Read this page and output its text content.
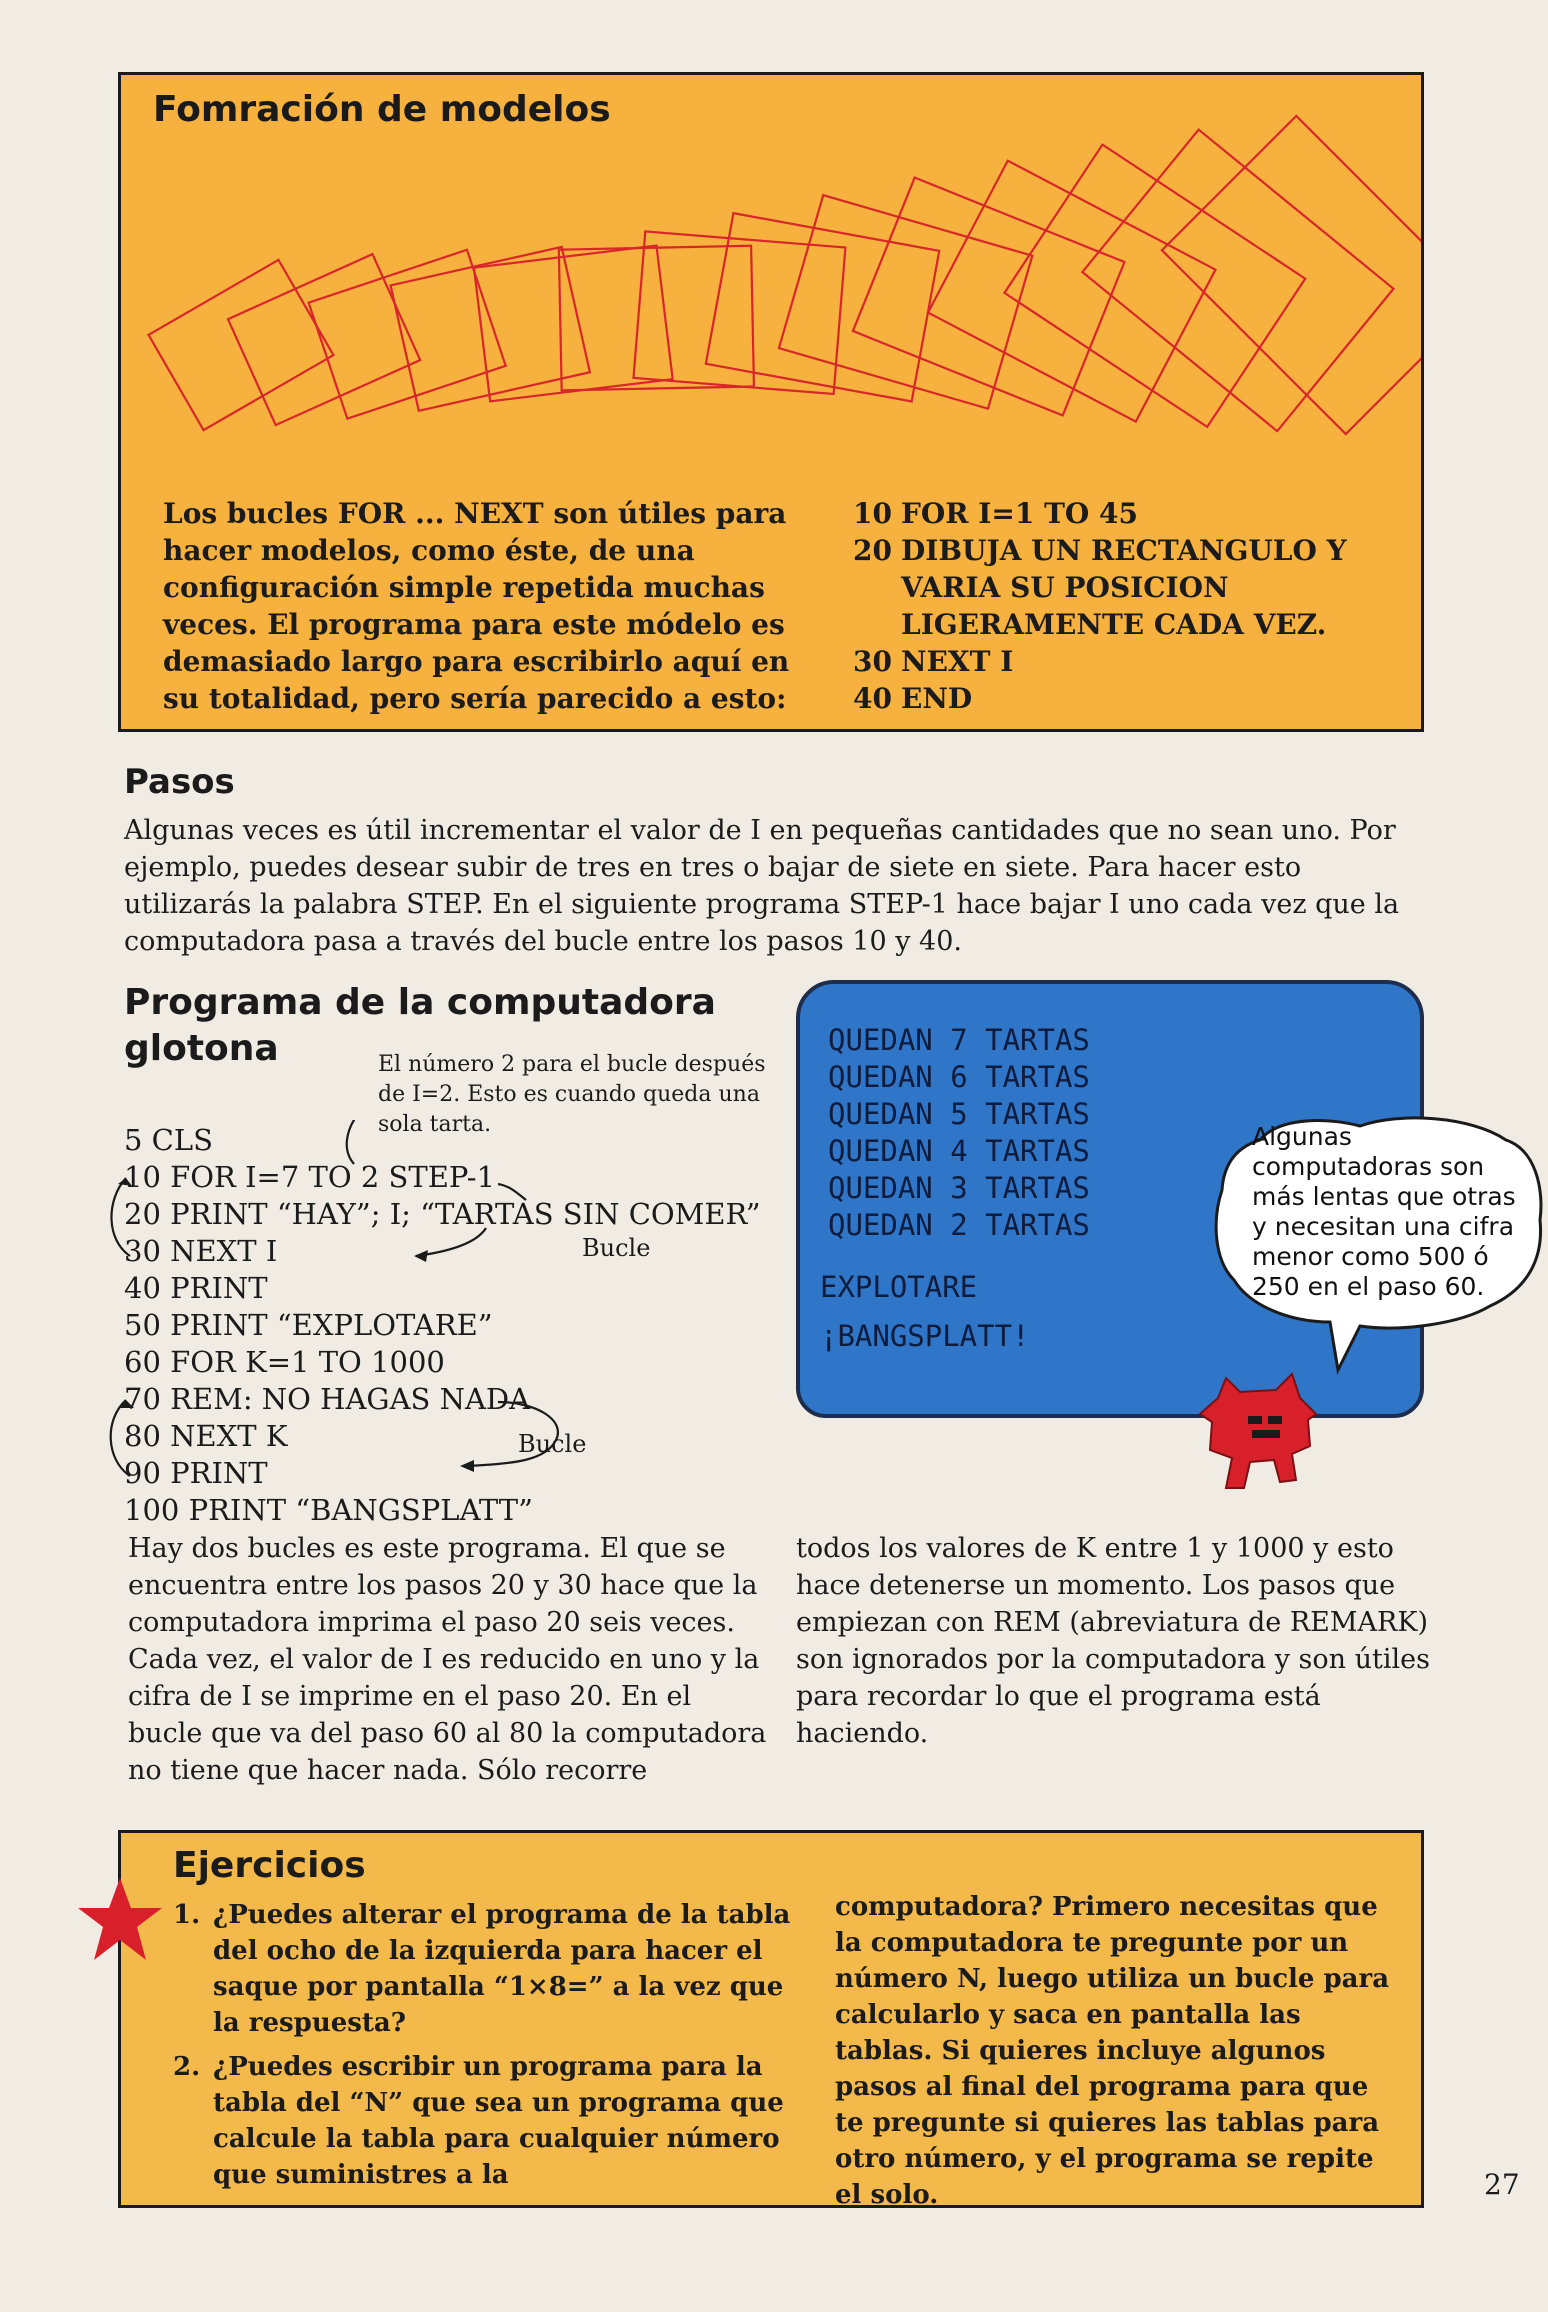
Fomración de modelos
Los bucles FOR ... NEXT son útiles para hacer modelos, como éste, de una configuración simple repetida muchas veces. El programa para este módelo es demasiado largo para escribirlo aquí en su totalidad, pero sería parecido a esto:
10 FOR I=1 TO 45
20 DIBUJA UN RECTANGULO Y VARIA SU POSICION LIGERAMENTE CADA VEZ.
30 NEXT I
40 END
Pasos
Algunas veces es útil incrementar el valor de I en pequeñas cantidades que no sean uno. Por ejemplo, puedes desear subir de tres en tres o bajar de siete en siete. Para hacer esto utilizarás la palabra STEP. En el siguiente programa STEP-1 hace bajar I uno cada vez que la computadora pasa a través del bucle entre los pasos 10 y 40.
Programa de la computadora glotona	El número 2 para el bucle después de I=2. Esto es cuando queda una sola tarta.
5 CLS
10 FOR I=7 TO 2 STEP-1
20 PRINT “HAY”; I; “TARTAS SIN COMER”
30 NEXT I
40 PRINT
50 PRINT “EXPLOTARE”
60 FOR K=1 TO 1000
70 REM: NO HAGAS NADA
80 NEXT K
90 PRINT
100 PRINT “BANGSPLATT”
Bucle
Bucle
QUEDAN 7 TARTAS
QUEDAN 6 TARTAS
QUEDAN 5 TARTAS
QUEDAN 4 TARTAS
QUEDAN 3 TARTAS
QUEDAN 2 TARTAS
EXPLOTARE
¡BANGSPLATT!
Algunas computadoras son más lentas que otras y necesitan una cifra menor como 500 ó 250 en el paso 60.
Hay dos bucles es este programa. El que se encuentra entre los pasos 20 y 30 hace que la computadora imprima el paso 20 seis veces. Cada vez, el valor de I es reducido en uno y la cifra de I se imprime en el paso 20. En el bucle que va del paso 60 al 80 la computadora no tiene que hacer nada. Sólo recorre
todos los valores de K entre 1 y 1000 y esto hace detenerse un momento. Los pasos que empiezan con REM (abreviatura de REMARK) son ignorados por la computadora y son útiles para recordar lo que el programa está haciendo.
Ejercicios
1. ¿Puedes alterar el programa de la tabla del ocho de la izquierda para hacer el saque por pantalla “1×8=” a la vez que la respuesta?
2. ¿Puedes escribir un programa para la tabla del “N” que sea un programa que calcule la tabla para cualquier número que suministres a la
computadora? Primero necesitas que la computadora te pregunte por un número N, luego utiliza un bucle para calcularlo y saca en pantalla las tablas. Si quieres incluye algunos pasos al final del programa para que te pregunte si quieres las tablas para otro número, y el programa se repite el solo.	27
